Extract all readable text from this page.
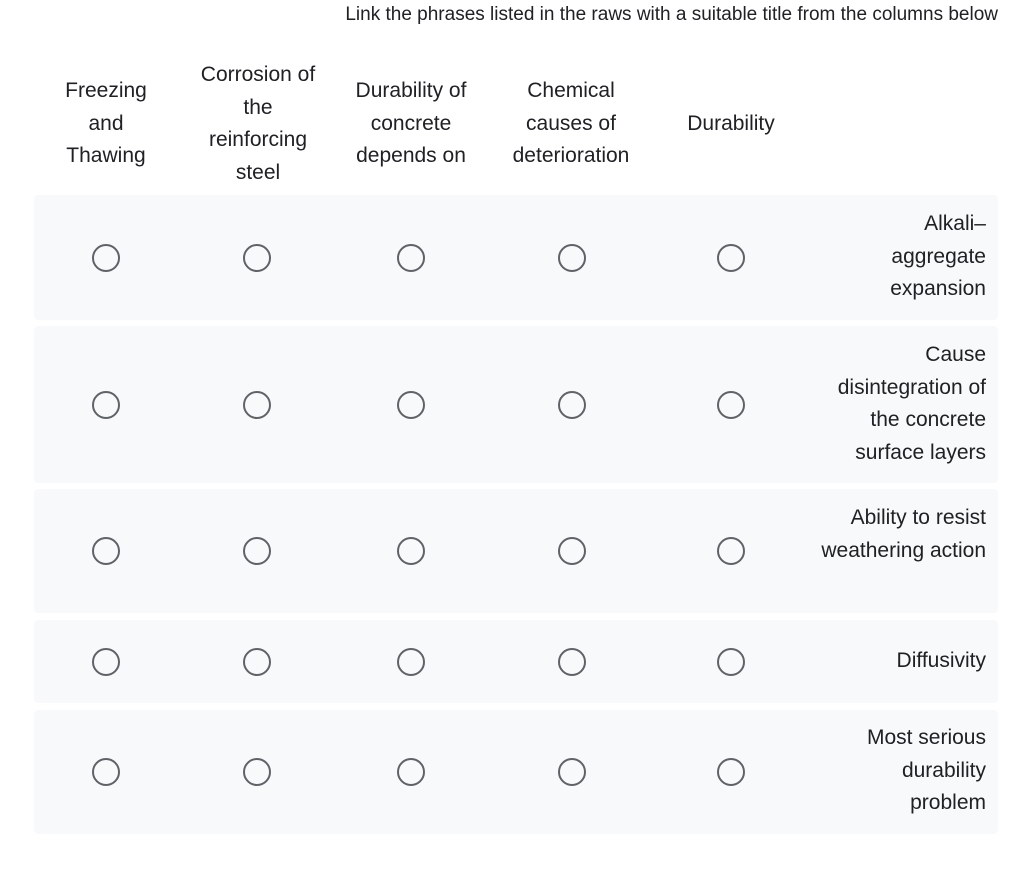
Link the phrases listed in the raws with a suitable title from the columns below
Freezing and Thawing
Corrosion of the reinforcing steel
Durability of concrete depends on
Chemical causes of deterioration
Durability
Alkali– aggregate expansion
Cause disintegration of the concrete surface layers
Ability to resist weathering action
Diffusivity
Most serious durability problem
